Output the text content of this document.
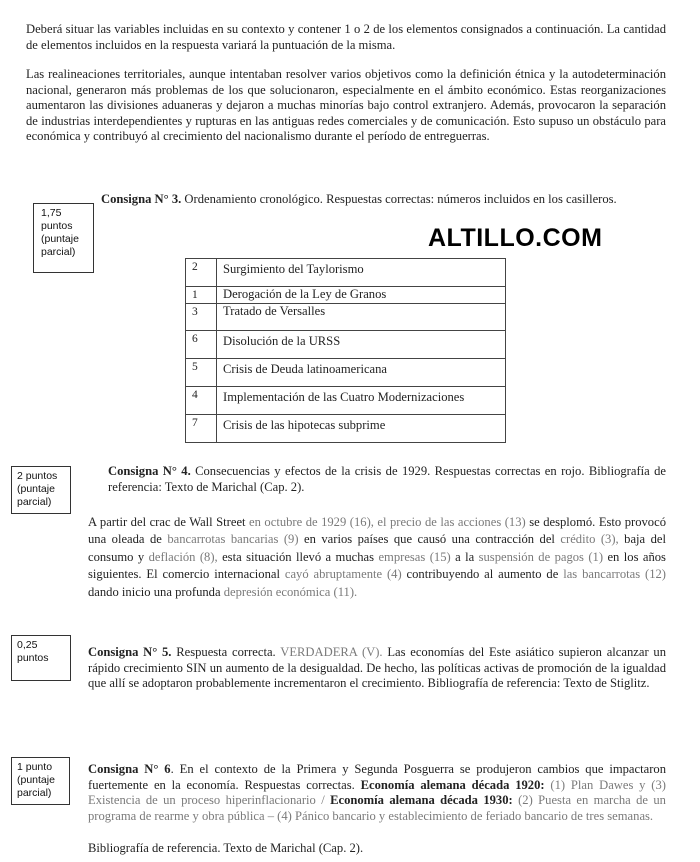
Deberá situar las variables incluidas en su contexto y contener 1 o 2 de los elementos consignados a continuación. La cantidad de elementos incluidos en la respuesta variará la puntuación de la misma.
Las realineaciones territoriales, aunque intentaban resolver varios objetivos como la definición étnica y la autodeterminación nacional, generaron más problemas de los que solucionaron, especialmente en el ámbito económico. Estas reorganizaciones aumentaron las divisiones aduaneras y dejaron a muchas minorías bajo control extranjero. Además, provocaron la separación de industrias interdependientes y rupturas en las antiguas redes comerciales y de comunicación. Esto supuso un obstáculo para económica y contribuyó al crecimiento del nacionalismo durante el período de entreguerras.
1,75
puntos
(puntaje
parcial)
Consigna N° 3. Ordenamiento cronológico. Respuestas correctas: números incluidos en los casilleros.
ALTILLO.COM
2	Surgimiento del Taylorismo
1	Derogación de la Ley de Granos
3	Tratado de Versalles
6	Disolución de la URSS
5	Crisis de Deuda latinoamericana
4	Implementación de las Cuatro Modernizaciones
7	Crisis de las hipotecas subprime
2 puntos
(puntaje
parcial)
Consigna N° 4. Consecuencias y efectos de la crisis de 1929. Respuestas correctas en rojo. Bibliografía de referencia: Texto de Marichal (Cap. 2).
A partir del crac de Wall Street en octubre de 1929 (16), el precio de las acciones (13) se desplomó. Esto provocó una oleada de bancarrotas bancarias (9) en varios países que causó una contracción del crédito (3), baja del consumo y deflación (8), esta situación llevó a muchas empresas (15) a la suspensión de pagos (1) en los años siguientes. El comercio internacional cayó abruptamente (4) contribuyendo al aumento de las bancarrotas (12) dando inicio una profunda depresión económica (11).
0,25
puntos	Consigna N° 5. Respuesta correcta. VERDADERA (V). Las economías del Este asiático supieron alcanzar un rápido crecimiento SIN un aumento de la desigualdad. De hecho, las políticas activas de promoción de la igualdad que allí se adoptaron probablemente incrementaron el crecimiento. Bibliografía de referencia: Texto de Stiglitz.
1 punto
(puntaje
parcial)
Consigna N° 6. En el contexto de la Primera y Segunda Posguerra se produjeron cambios que impactaron fuertemente en la economía. Respuestas correctas. Economía alemana década 1920: (1) Plan Dawes y (3) Existencia de un proceso hiperinflacionario / Economía alemana década 1930: (2) Puesta en marcha de un programa de rearme y obra pública – (4) Pánico bancario y establecimiento de feriado bancario de tres semanas.
Bibliografía de referencia. Texto de Marichal (Cap. 2).
